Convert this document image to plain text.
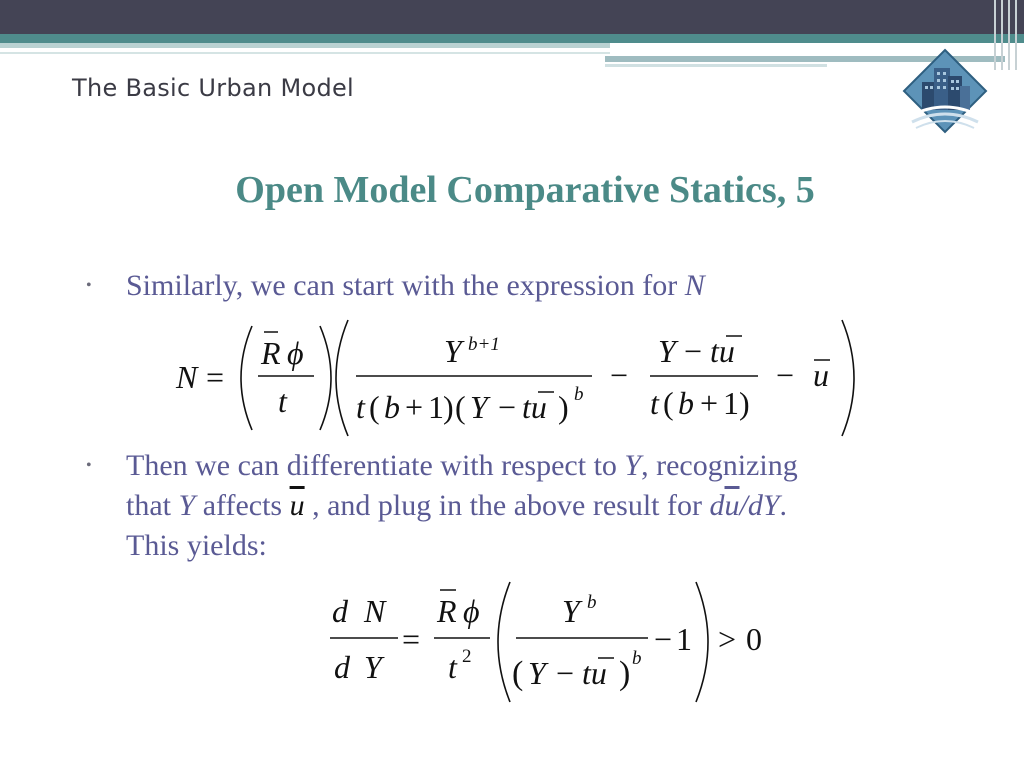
The Basic Urban Model
Open Model Comparative Statics, 5
• Similarly, we can start with the expression for N
N =
R ϕ
t
Y b+1
t ( b + 1 ) ( Y − tu ) b
−
Y − tu
t ( b + 1 )
− u
• Then we can differentiate with respect to Y, recognizing
that Y affects $\overline{u}$ , and plug in the above result for $d\overline{u}/dY$.
This yields:
d N
d Y
=
R ϕ
t 2
Y b
( Y − tu ) b
− 1 > 0
